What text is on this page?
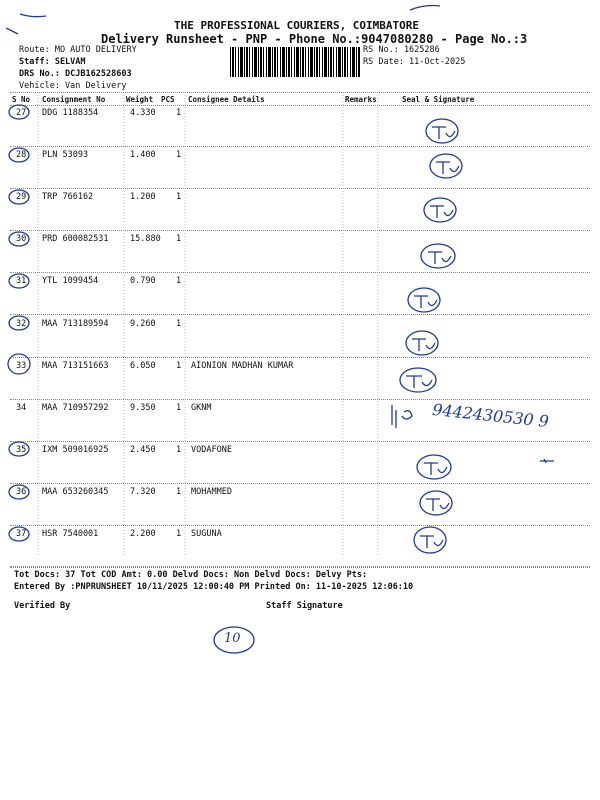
THE PROFESSIONAL COURIERS, COIMBATORE
Delivery Runsheet - PNP - Phone No.:9047080280 - Page No.:3
Route: MO AUTO DELIVERY
Staff: SELVAM
DRS No.: DCJB162528603
Vehicle: Van Delivery
RS No.: 1625286
RS Date: 11-Oct-2025
S No Consignment No	Weight PCS Consignee Details	Remarks	Seal & Signature
27 DDG 1188354	4.330 1
28 PLN 53093	1.400 1
29 TRP 766162	1.200 1
30 PRD 600082531	15.880 1
31 YTL 1099454	0.790 1
32 MAA 713189594	9.260 1
33 MAA 713151663	6.050 1 AIONION MADHAN KUMAR
34 MAA 710957292	9.350 1 GKNM
35 IXM 509016925	2.450 1 VODAFONE
36 MAA 653260345	7.320 1 MOHAMMED
37 HSR 7540001	2.200 1 SUGUNA
9442430530 9
10
Tot Docs: 37 Tot COD Amt: 0.00 Delvd Docs: Non Delvd Docs: Delvy Pts:
Entered By :PNPRUNSHEET 10/11/2025 12:00:40 PM Printed On: 11-10-2025 12:06:10
Verified By	Staff Signature
